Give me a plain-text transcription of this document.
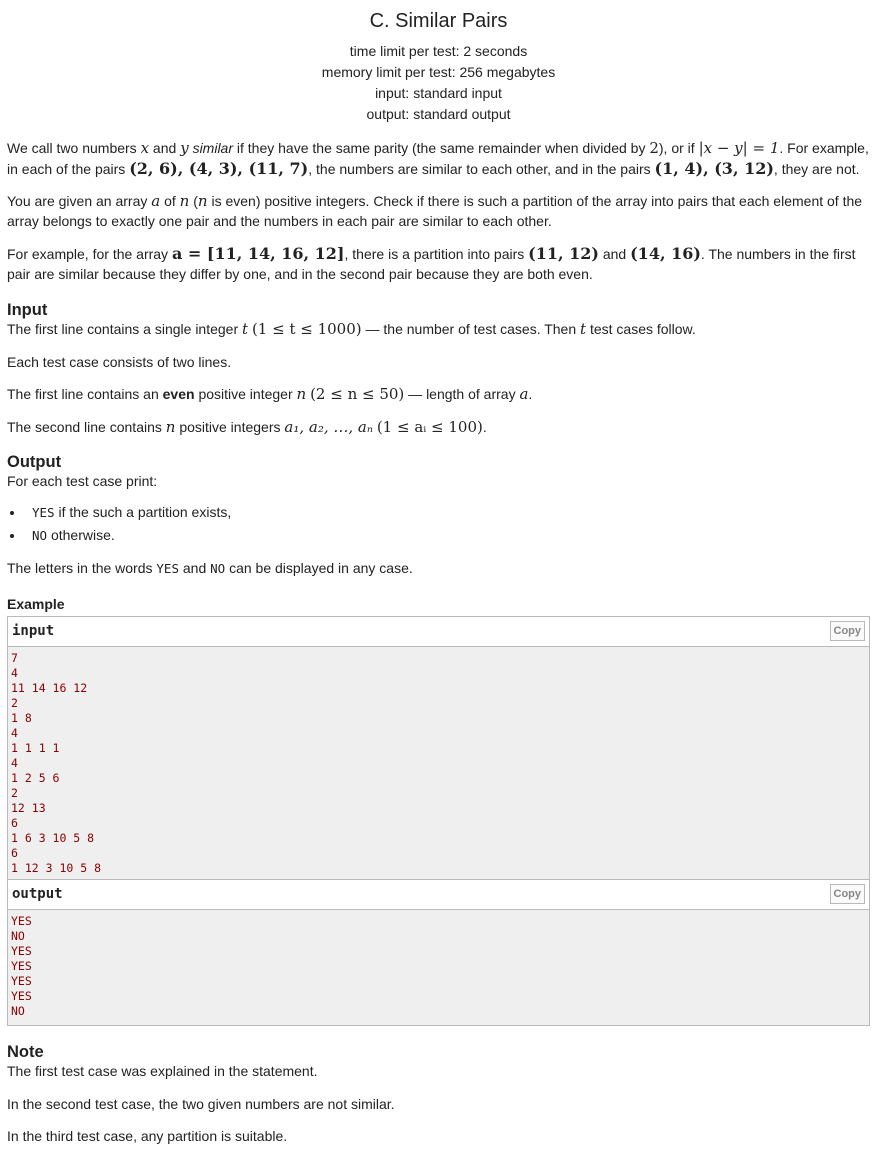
C. Similar Pairs
time limit per test: 2 seconds
memory limit per test: 256 megabytes
input: standard input
output: standard output

We call two numbers x and y similar if they have the same parity (the same remainder when divided by 2), or if |x − y| = 1. For example, in each of the pairs (2, 6), (4, 3), (11, 7), the numbers are similar to each other, and in the pairs (1, 4), (3, 12), they are not.

You are given an array a of n (n is even) positive integers. Check if there is such a partition of the array into pairs that each element of the array belongs to exactly one pair and the numbers in each pair are similar to each other.

For example, for the array a = [11, 14, 16, 12], there is a partition into pairs (11, 12) and (14, 16). The numbers in the first pair are similar because they differ by one, and in the second pair because they are both even.

Input

The first line contains a single integer t (1 ≤ t ≤ 1000) — the number of test cases. Then t test cases follow.

Each test case consists of two lines.

The first line contains an even positive integer n (2 ≤ n ≤ 50) — length of array a.

The second line contains n positive integers a₁, a₂, …, aₙ (1 ≤ aᵢ ≤ 100).

Output

For each test case print:

• YES if the such a partition exists,
• NO otherwise.

The letters in the words YES and NO can be displayed in any case.

Example
input	Copy
7
4
11 14 16 12
2
1 8
4
1 1 1 1
4
1 2 5 6
2
12 13
6
1 6 3 10 5 8
6
1 12 3 10 5 8
output	Copy
YES
NO
YES
YES
YES
YES
NO
Note

The first test case was explained in the statement.

In the second test case, the two given numbers are not similar.

In the third test case, any partition is suitable.
